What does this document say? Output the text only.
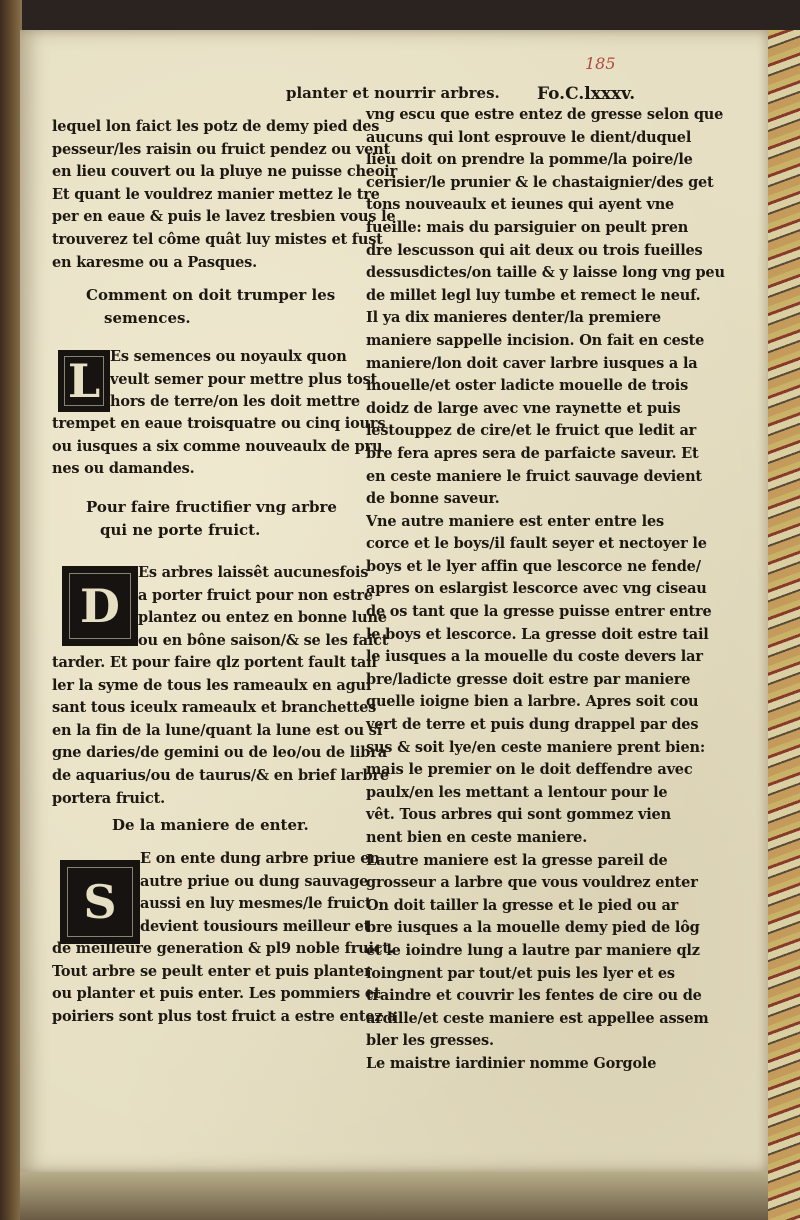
185
planter et nourrir arbres. Fo.C.lxxxv.
lequel lon faict les potz de demy pied des
pesseur/les raisin ou fruict pendez ou vent
en lieu couvert ou la pluye ne puisse cheoir
Et quant le vouldrez manier mettez le tre
per en eaue & puis le lavez tresbien vous le
trouverez tel côme quât luy mistes et fust
en karesme ou a Pasques.
Comment on doit trumper les
semences.
L Es semences ou noyaulx quon
veult semer pour mettre plus tost
hors de terre/on les doit mettre
trempet en eaue troisquatre ou cinq iours
ou iusques a six comme nouveaulx de pru
nes ou damandes.
Pour faire fructifier vng arbre
qui ne porte fruict.
D
Es arbres laissêt aucunesfois
a porter fruict pour non estre
plantez ou entez en bonne lune
ou en bône saison/& se les faict
tarder. Et pour faire qlz portent fault tail
ler la syme de tous les rameaulx en agui
sant tous iceulx rameaulx et branchettes
en la fin de la lune/quant la lune est ou si
gne daries/de gemini ou de leo/ou de libra
de aquarius/ou de taurus/& en brief larbre
portera fruict.
De la maniere de enter.
S
E on ente dung arbre priue en
autre priue ou dung sauvage
aussi en luy mesmes/le fruict
devient tousiours meilleur et
de meilleure generation & pl9 noble fruict.
Tout arbre se peult enter et puis planter
ou planter et puis enter. Les pommiers et
poiriers sont plus tost fruict a estre entez a
vng escu que estre entez de gresse selon que
aucuns qui lont esprouve le dient/duquel
lieu doit on prendre la pomme/la poire/le
cerisier/le prunier & le chastaignier/des get
tons nouveaulx et ieunes qui ayent vne
fueille: mais du parsiguier on peult pren
dre lescusson qui ait deux ou trois fueilles
dessusdictes/on taille & y laisse long vng peu
de millet legl luy tumbe et remect le neuf.
Il ya dix manieres denter/la premiere
maniere sappelle incision. On fait en ceste
maniere/lon doit caver larbre iusques a la
mouelle/et oster ladicte mouelle de trois
doidz de large avec vne raynette et puis
lestouppez de cire/et le fruict que ledit ar
bre fera apres sera de parfaicte saveur. Et
en ceste maniere le fruict sauvage devient
de bonne saveur.
Vne autre maniere est enter entre les
corce et le boys/il fault seyer et nectoyer le
boys et le lyer affin que lescorce ne fende/
apres on eslargist lescorce avec vng ciseau
de os tant que la gresse puisse entrer entre
le boys et lescorce. La gresse doit estre tail
le iusques a la mouelle du coste devers lar
bre/ladicte gresse doit estre par maniere
quelle ioigne bien a larbre. Apres soit cou
vert de terre et puis dung drappel par des
sus & soit lye/en ceste maniere prent bien:
mais le premier on le doit deffendre avec
paulx/en les mettant a lentour pour le
vêt. Tous arbres qui sont gommez vien
nent bien en ceste maniere.
Lautre maniere est la gresse pareil de
grosseur a larbre que vous vouldrez enter
On doit tailler la gresse et le pied ou ar
bre iusques a la mouelle demy pied de lôg
et le ioindre lung a lautre par maniere qlz
ioingnent par tout/et puis les lyer et es
traindre et couvrir les fentes de cire ou de
ardille/et ceste maniere est appellee assem
bler les gresses.
Le maistre iardinier nomme Gorgole
